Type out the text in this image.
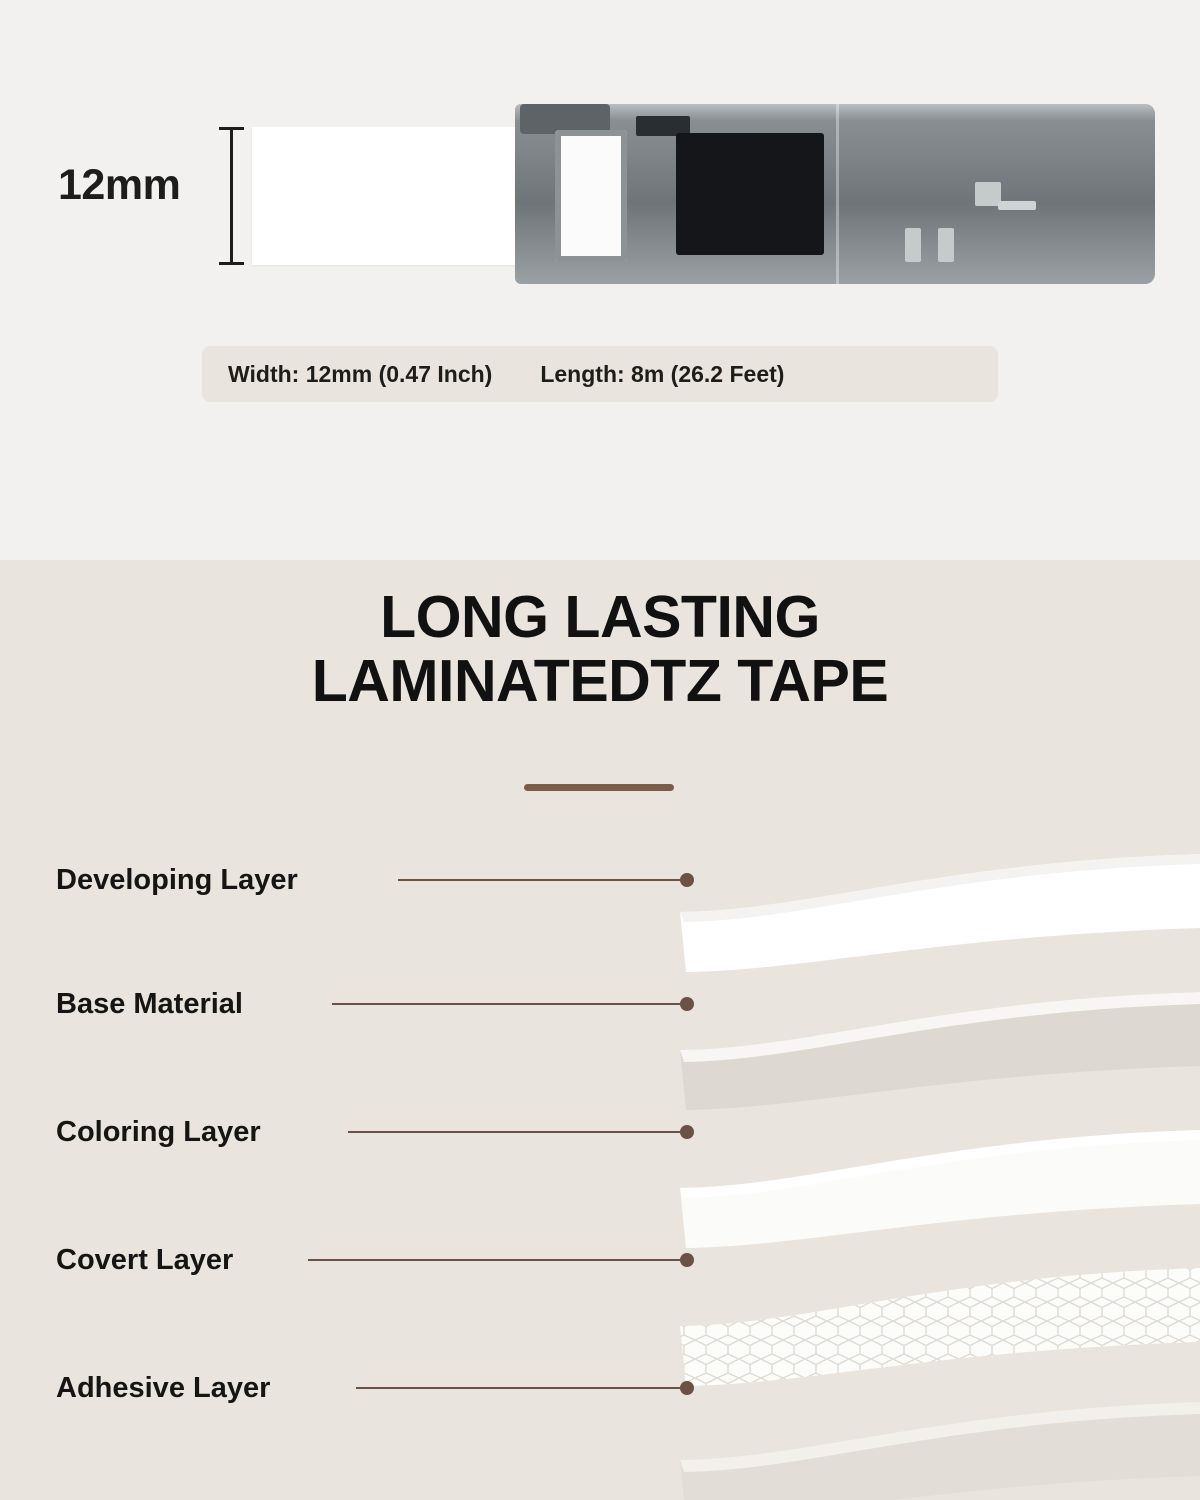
12mm
Width: 12mm (0.47 Inch) Length: 8m (26.2 Feet)
LONG LASTING
LAMINATEDTZ TAPE
Developing Layer
Base Material
Coloring Layer
Covert Layer
Adhesive Layer
